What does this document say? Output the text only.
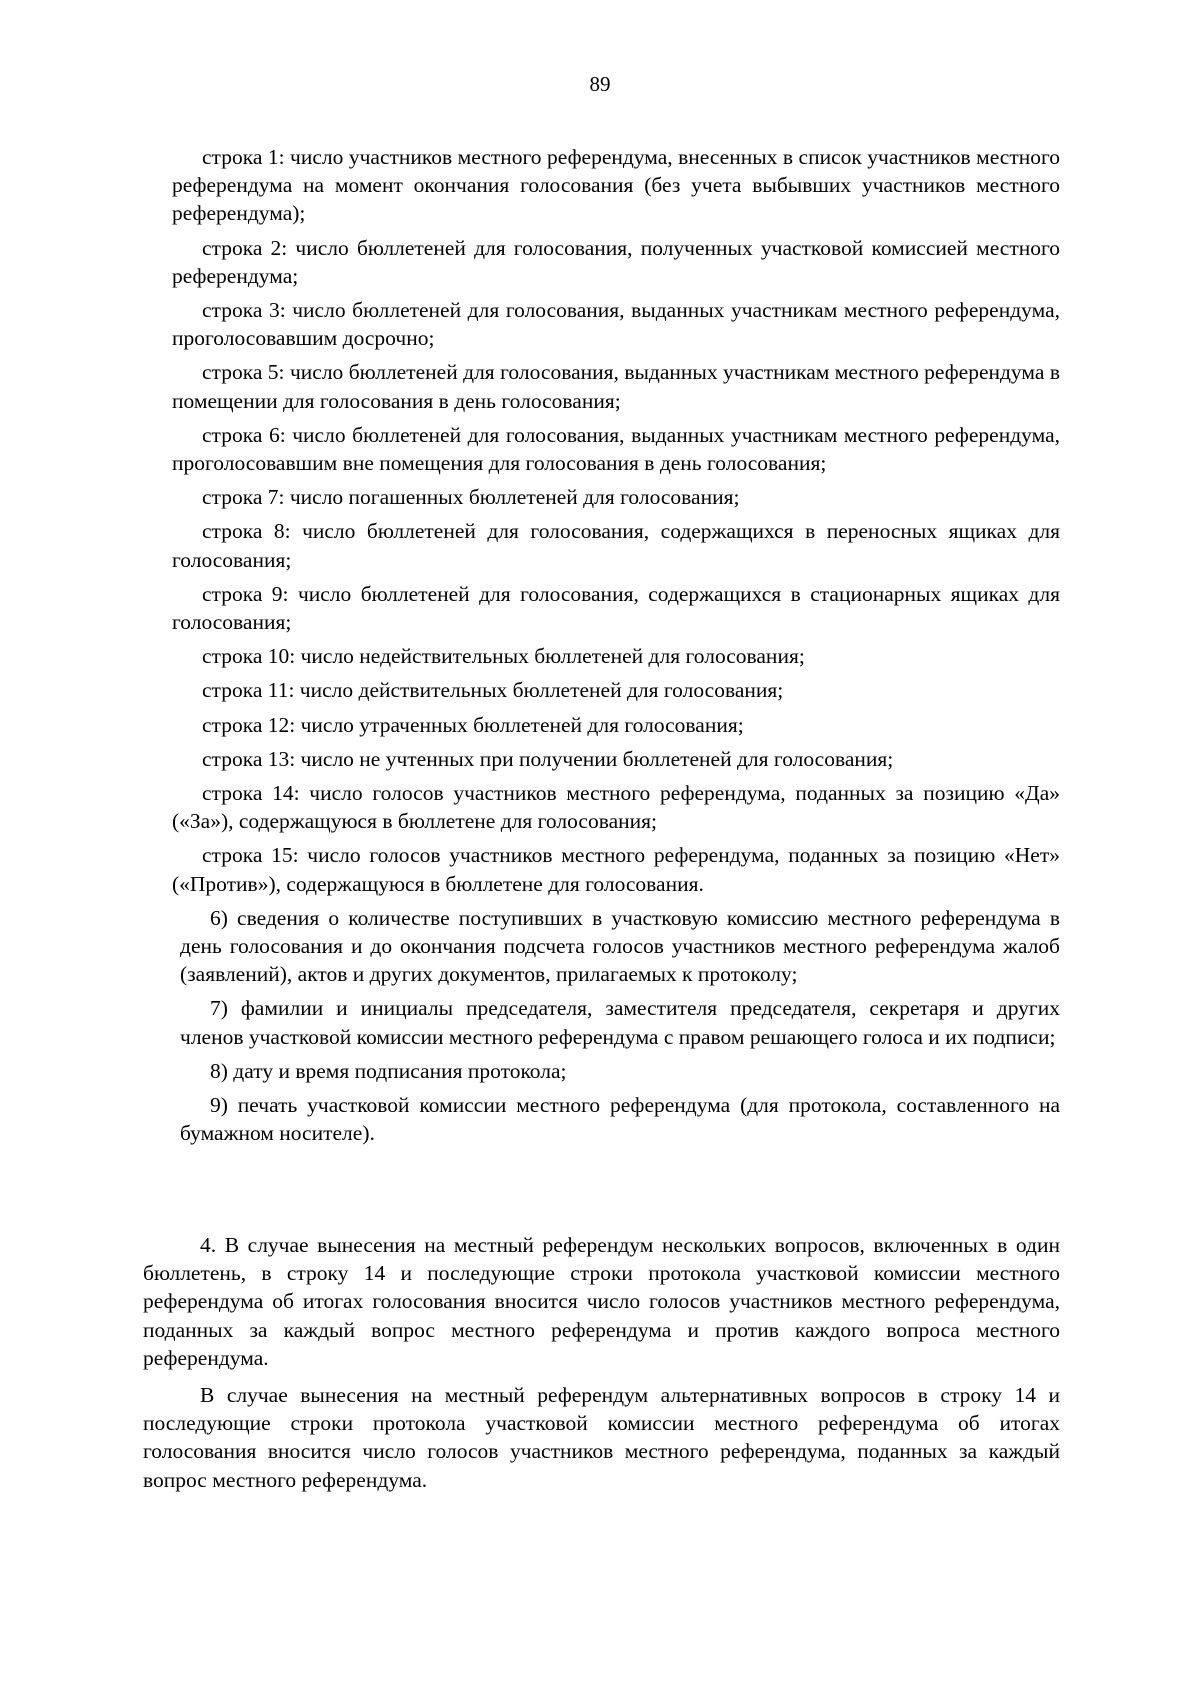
89

строка 1: число участников местного референдума, внесенных в список участников местного референдума на момент окончания голосования (без учета выбывших участников местного референдума);

строка 2: число бюллетеней для голосования, полученных участковой комиссией местного референдума;

строка 3: число бюллетеней для голосования, выданных участникам местного референдума, проголосовавшим досрочно;

строка 5: число бюллетеней для голосования, выданных участникам местного референдума в помещении для голосования в день голосования;

строка 6: число бюллетеней для голосования, выданных участникам местного референдума, проголосовавшим вне помещения для голосования в день голосования;

строка 7: число погашенных бюллетеней для голосования;

строка 8: число бюллетеней для голосования, содержащихся в переносных ящиках для голосования;

строка 9: число бюллетеней для голосования, содержащихся в стационарных ящиках для голосования;

строка 10: число недействительных бюллетеней для голосования;

строка 11: число действительных бюллетеней для голосования;

строка 12: число утраченных бюллетеней для голосования;

строка 13: число не учтенных при получении бюллетеней для голосования;

строка 14: число голосов участников местного референдума, поданных за позицию «Да» («За»), содержащуюся в бюллетене для голосования;

строка 15: число голосов участников местного референдума, поданных за позицию «Нет» («Против»), содержащуюся в бюллетене для голосования.

6) сведения о количестве поступивших в участковую комиссию местного референдума в день голосования и до окончания подсчета голосов участников местного референдума жалоб (заявлений), актов и других документов, прилагаемых к протоколу;

7) фамилии и инициалы председателя, заместителя председателя, секретаря и других членов участковой комиссии местного референдума с правом решающего голоса и их подписи;

8) дату и время подписания протокола;

9) печать участковой комиссии местного референдума (для протокола, составленного на бумажном носителе).

4. В случае вынесения на местный референдум нескольких вопросов, включенных в один бюллетень, в строку 14 и последующие строки протокола участковой комиссии местного референдума об итогах голосования вносится число голосов участников местного референдума, поданных за каждый вопрос местного референдума и против каждого вопроса местного референдума.

В случае вынесения на местный референдум альтернативных вопросов в строку 14 и последующие строки протокола участковой комиссии местного референдума об итогах голосования вносится число голосов участников местного референдума, поданных за каждый вопрос местного референдума.
